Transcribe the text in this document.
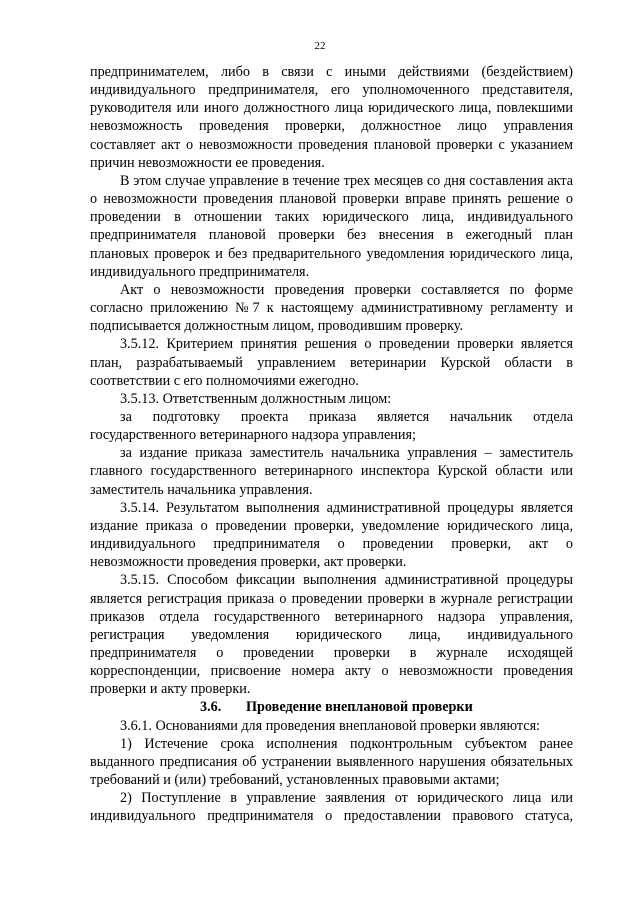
22

предпринимателем, либо в связи с иными действиями (бездействием) индивидуального предпринимателя, его уполномоченного представителя, руководителя или иного должностного лица юридического лица, повлекшими невозможность проведения проверки, должностное лицо управления составляет акт о невозможности проведения плановой проверки с указанием причин невозможности ее проведения.

В этом случае управление в течение трех месяцев со дня составления акта о невозможности проведения плановой проверки вправе принять решение о проведении в отношении таких юридического лица, индивидуального предпринимателя плановой проверки без внесения в ежегодный план плановых проверок и без предварительного уведомления юридического лица, индивидуального предпринимателя.

Акт о невозможности проведения проверки составляется по форме согласно приложению №7 к настоящему административному регламенту и подписывается должностным лицом, проводившим проверку.

3.5.12. Критерием принятия решения о проведении проверки является план, разрабатываемый управлением ветеринарии Курской области в соответствии с его полномочиями ежегодно.

3.5.13. Ответственным должностным лицом:

за подготовку проекта приказа является начальник отдела государственного ветеринарного надзора управления;

за издание приказа заместитель начальника управления – заместитель главного государственного ветеринарного инспектора Курской области или заместитель начальника управления.

3.5.14. Результатом выполнения административной процедуры является издание приказа о проведении проверки, уведомление юридического лица, индивидуального предпринимателя о проведении проверки, акт о невозможности проведения проверки, акт проверки.

3.5.15. Способом фиксации выполнения административной процедуры является регистрация приказа о проведении проверки в журнале регистрации приказов отдела государственного ветеринарного надзора управления, регистрация уведомления юридического лица, индивидуального предпринимателя о проведении проверки в журнале исходящей корреспонденции, присвоение номера акту о невозможности проведения проверки и акту проверки.

3.6. Проведение внеплановой проверки

3.6.1. Основаниями для проведения внеплановой проверки являются:

1) Истечение срока исполнения подконтрольным субъектом ранее выданного предписания об устранении выявленного нарушения обязательных требований и (или) требований, установленных правовыми актами;

2) Поступление в управление заявления от юридического лица или индивидуального предпринимателя о предоставлении правового статуса,
